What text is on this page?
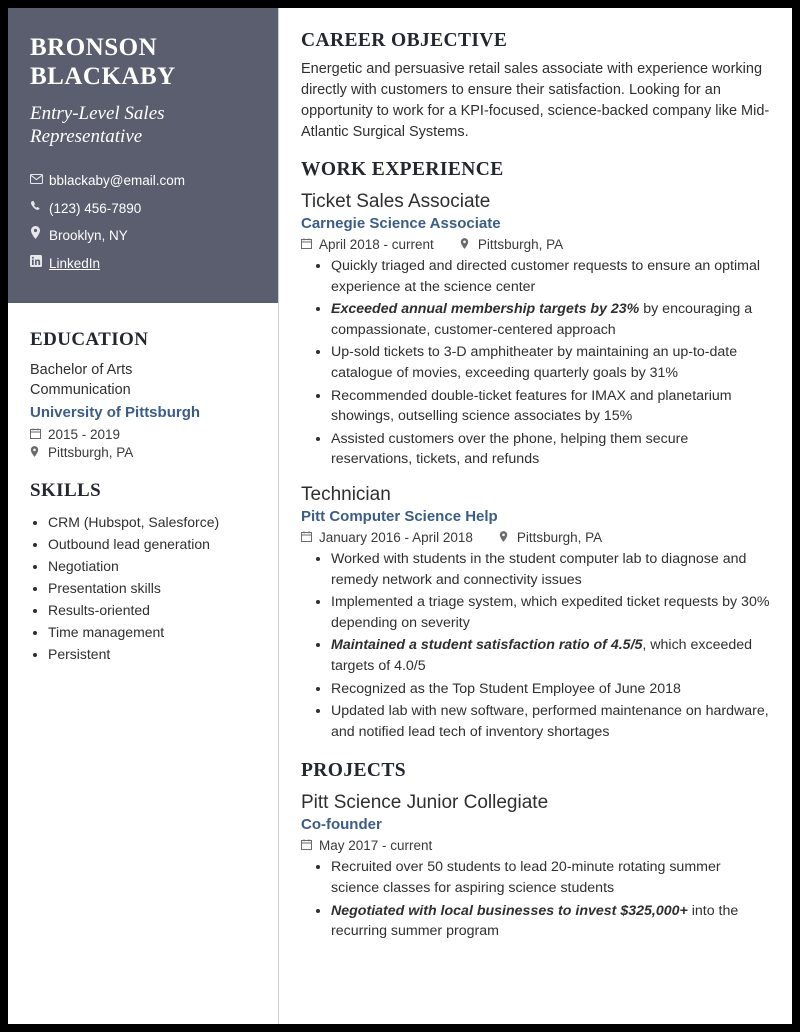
BRONSON
BLACKABY
Entry-Level Sales
Representative
bblackaby@email.com
(123) 456-7890
Brooklyn, NY
LinkedIn
EDUCATION
Bachelor of Arts
Communication
University of Pittsburgh
2015 - 2019
Pittsburgh, PA
SKILLS
• CRM (Hubspot, Salesforce)
• Outbound lead generation
• Negotiation
• Presentation skills
• Results-oriented
• Time management
• Persistent
CAREER OBJECTIVE
Energetic and persuasive retail sales associate with experience working directly with customers to ensure their satisfaction. Looking for an opportunity to work for a KPI-focused, science-backed company like Mid-Atlantic Surgical Systems.
WORK EXPERIENCE
Ticket Sales Associate
Carnegie Science Associate
April 2018 - current	Pittsburgh, PA
• Quickly triaged and directed customer requests to ensure an optimal experience at the science center
• Exceeded annual membership targets by 23% by encouraging a compassionate, customer-centered approach
• Up-sold tickets to 3-D amphitheater by maintaining an up-to-date catalogue of movies, exceeding quarterly goals by 31%
• Recommended double-ticket features for IMAX and planetarium showings, outselling science associates by 15%
• Assisted customers over the phone, helping them secure reservations, tickets, and refunds
Technician
Pitt Computer Science Help
January 2016 - April 2018	Pittsburgh, PA
• Worked with students in the student computer lab to diagnose and remedy network and connectivity issues
• Implemented a triage system, which expedited ticket requests by 30% depending on severity
• Maintained a student satisfaction ratio of 4.5/5, which exceeded targets of 4.0/5
• Recognized as the Top Student Employee of June 2018
• Updated lab with new software, performed maintenance on hardware, and notified lead tech of inventory shortages
PROJECTS
Pitt Science Junior Collegiate
Co-founder
May 2017 - current
• Recruited over 50 students to lead 20-minute rotating summer science classes for aspiring science students
• Negotiated with local businesses to invest $325,000+ into the recurring summer program
